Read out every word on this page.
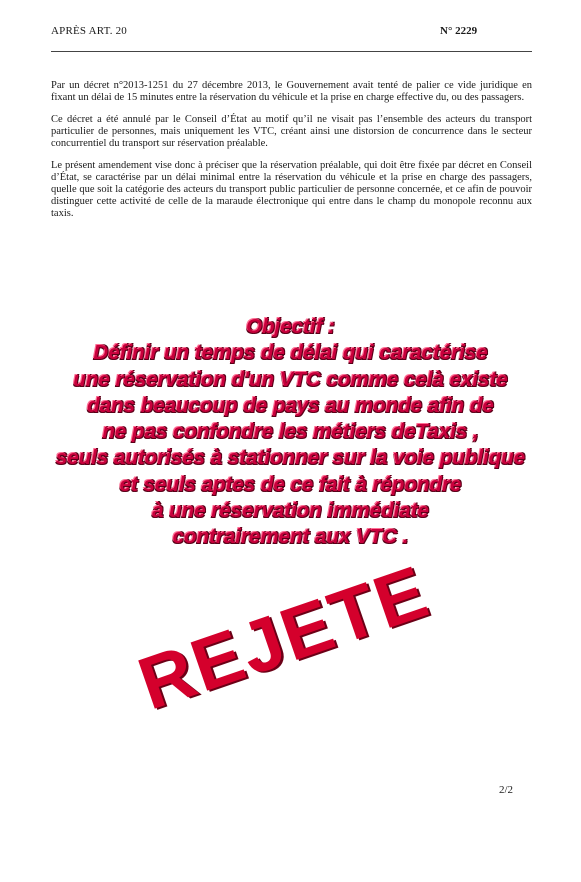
APRÈS ART. 20	N° 2229

Par un décret n°2013-1251 du 27 décembre 2013, le Gouvernement avait tenté de palier ce vide juridique en fixant un délai de 15 minutes entre la réservation du véhicule et la prise en charge effective du, ou des passagers.

Ce décret a été annulé par le Conseil d’État au motif qu’il ne visait pas l’ensemble des acteurs du transport particulier de personnes, mais uniquement les VTC, créant ainsi une distorsion de concurrence dans le secteur concurrentiel du transport sur réservation préalable.

Le présent amendement vise donc à préciser que la réservation préalable, qui doit être fixée par décret en Conseil d’État, se caractérise par un délai minimal entre la réservation du véhicule et la prise en charge des passagers, quelle que soit la catégorie des acteurs du transport public particulier de personne concernée, et ce afin de pouvoir distinguer cette activité de celle de la maraude électronique qui entre dans le champ du monopole reconnu aux taxis.

Objectif :
Définir un temps de délai qui caractérise
une réservation d'un VTC comme celà existe
dans beaucoup de pays au monde afin de
ne pas confondre les métiers deTaxis ,
seuls autorisés à stationner sur la voie publique
et seuls aptes de ce fait à répondre
à une réservation immédiate
contrairement aux VTC .
REJETE
2/2
